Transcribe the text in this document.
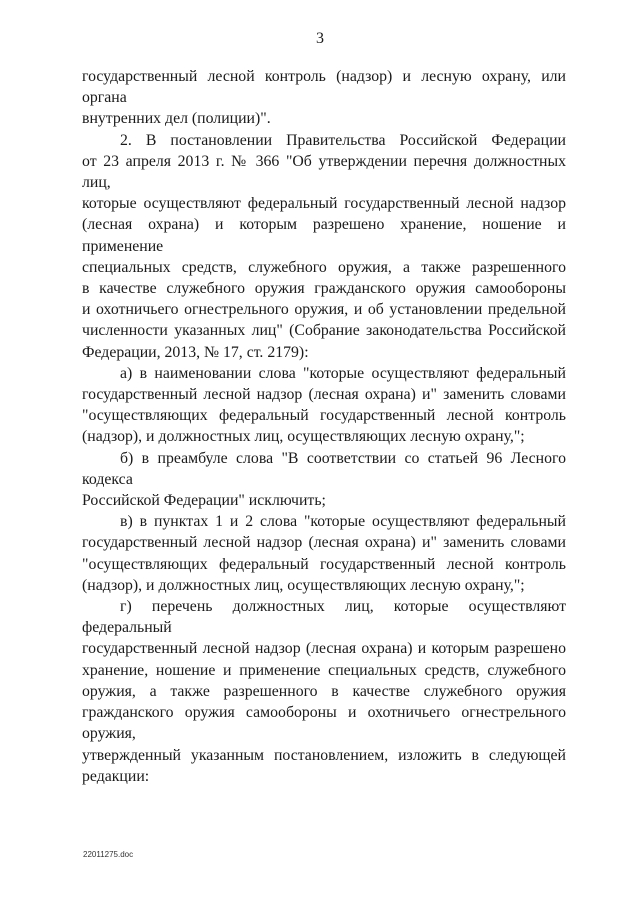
3

государственный лесной контроль (надзор) и лесную охрану, или органа
внутренних дел (полиции)".

2. В постановлении Правительства Российской Федерации
от 23 апреля 2013 г. № 366 "Об утверждении перечня должностных лиц,
которые осуществляют федеральный государственный лесной надзор
(лесная охрана) и которым разрешено хранение, ношение и применение
специальных средств, служебного оружия, а также разрешенного
в качестве служебного оружия гражданского оружия самообороны
и охотничьего огнестрельного оружия, и об установлении предельной
численности указанных лиц" (Собрание законодательства Российской
Федерации, 2013, № 17, ст. 2179):

а) в наименовании слова "которые осуществляют федеральный
государственный лесной надзор (лесная охрана) и" заменить словами
"осуществляющих федеральный государственный лесной контроль
(надзор), и должностных лиц, осуществляющих лесную охрану,";

б) в преамбуле слова "В соответствии со статьей 96 Лесного кодекса
Российской Федерации" исключить;

в) в пунктах 1 и 2 слова "которые осуществляют федеральный
государственный лесной надзор (лесная охрана) и" заменить словами
"осуществляющих федеральный государственный лесной контроль
(надзор), и должностных лиц, осуществляющих лесную охрану,";

г) перечень должностных лиц, которые осуществляют федеральный
государственный лесной надзор (лесная охрана) и которым разрешено
хранение, ношение и применение специальных средств, служебного
оружия, а также разрешенного в качестве служебного оружия
гражданского оружия самообороны и охотничьего огнестрельного оружия,
утвержденный указанным постановлением, изложить в следующей
редакции:

22011275.doc
